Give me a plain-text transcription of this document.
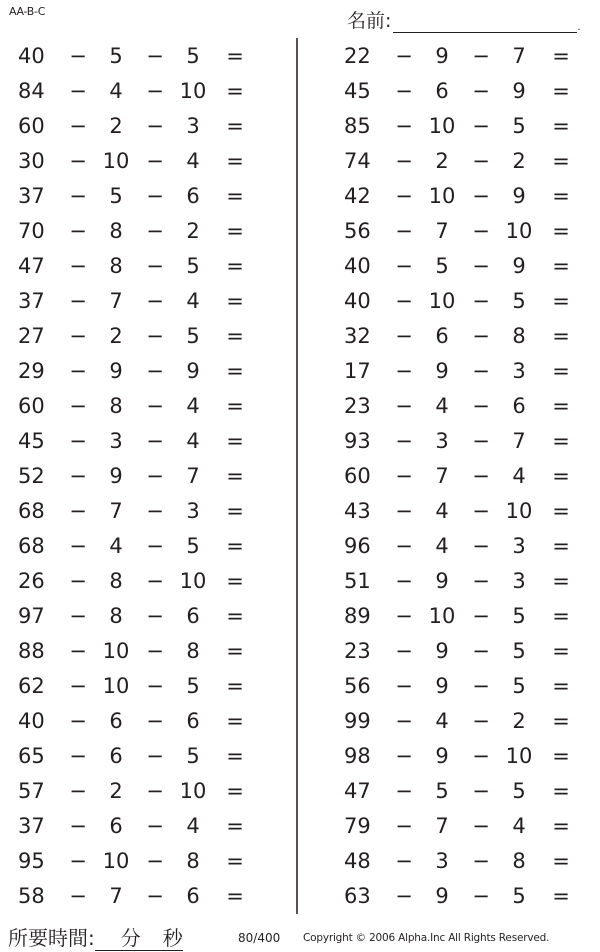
AA-B-C	名前:	.
40	−	5	−	5	=
84	−	4	− 10 =
60	−	2	−	3	=
30	− 10 −	4	=
37	−	5	−	6	=
70	−	8	−	2	=
47	−	8	−	5	=
37	−	7	−	4	=
27	−	2	−	5	=
29	−	9	−	9	=
60	−	8	−	4	=
45	−	3	−	4	=
52	−	9	−	7	=
68	−	7	−	3	=
68	−	4	−	5	=
26	−	8	− 10 =
97	−	8	−	6	=
88	− 10 −	8	=
62	− 10 −	5	=
40	−	6	−	6	=
65	−	6	−	5	=
57	−	2	− 10 =
37	−	6	−	4	=
95	− 10 −	8	=
58	−	7	−	6	=
22	−	9	−	7	=
45	−	6	−	9	=
85	− 10 −	5	=
74	−	2	−	2	=
42	− 10 −	9	=
56	−	7	− 10 =
40	−	5	−	9	=
40	− 10 −	5	=
32	−	6	−	8	=
17	−	9	−	3	=
23	−	4	−	6	=
93	−	3	−	7	=
60	−	7	−	4	=
43	−	4	− 10 =
96	−	4	−	3	=
51	−	9	−	3	=
89	− 10 −	5	=
23	−	9	−	5	=
56	−	9	−	5	=
99	−	4	−	2	=
98	−	9	− 10 =
47	−	5	−	5	=
79	−	7	−	4	=
48	−	3	−	8	=
63	−	9	−	5	=
所要時間: 分 秒	80/400 Copyright © 2006 Alpha.Inc All Rights Reserved.
